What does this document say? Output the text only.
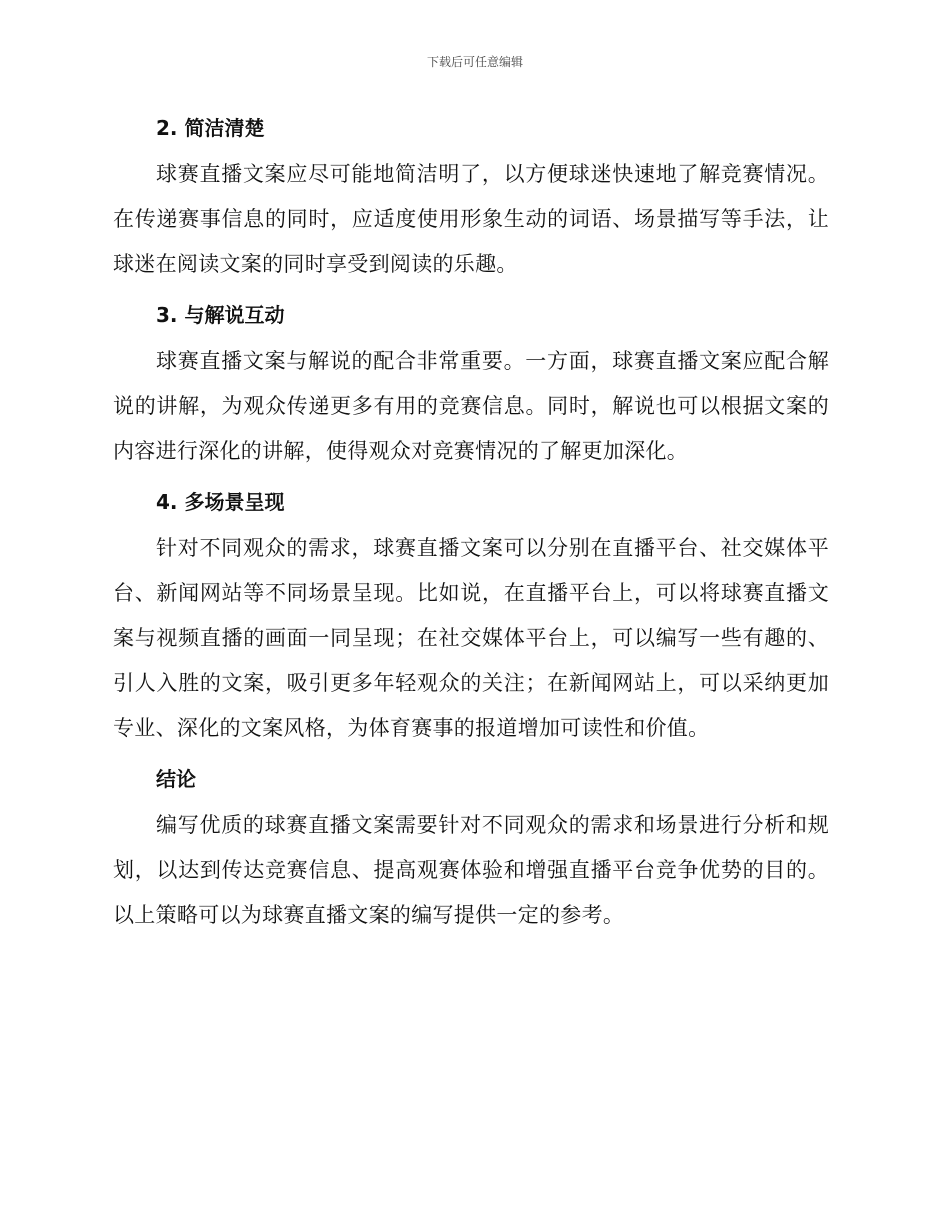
下载后可任意编辑
2. 简洁清楚

球赛直播文案应尽可能地简洁明了，以方便球迷快速地了解竞赛情况。在传递赛事信息的同时，应适度使用形象生动的词语、场景描写等手法，让球迷在阅读文案的同时享受到阅读的乐趣。

3. 与解说互动

球赛直播文案与解说的配合非常重要。一方面，球赛直播文案应配合解说的讲解，为观众传递更多有用的竞赛信息。同时，解说也可以根据文案的内容进行深化的讲解，使得观众对竞赛情况的了解更加深化。

4. 多场景呈现

针对不同观众的需求，球赛直播文案可以分别在直播平台、社交媒体平台、新闻网站等不同场景呈现。比如说，在直播平台上，可以将球赛直播文案与视频直播的画面一同呈现；在社交媒体平台上，可以编写一些有趣的、引人入胜的文案，吸引更多年轻观众的关注；在新闻网站上，可以采纳更加专业、深化的文案风格，为体育赛事的报道增加可读性和价值。

结论

编写优质的球赛直播文案需要针对不同观众的需求和场景进行分析和规划，以达到传达竞赛信息、提高观赛体验和增强直播平台竞争优势的目的。以上策略可以为球赛直播文案的编写提供一定的参考。
